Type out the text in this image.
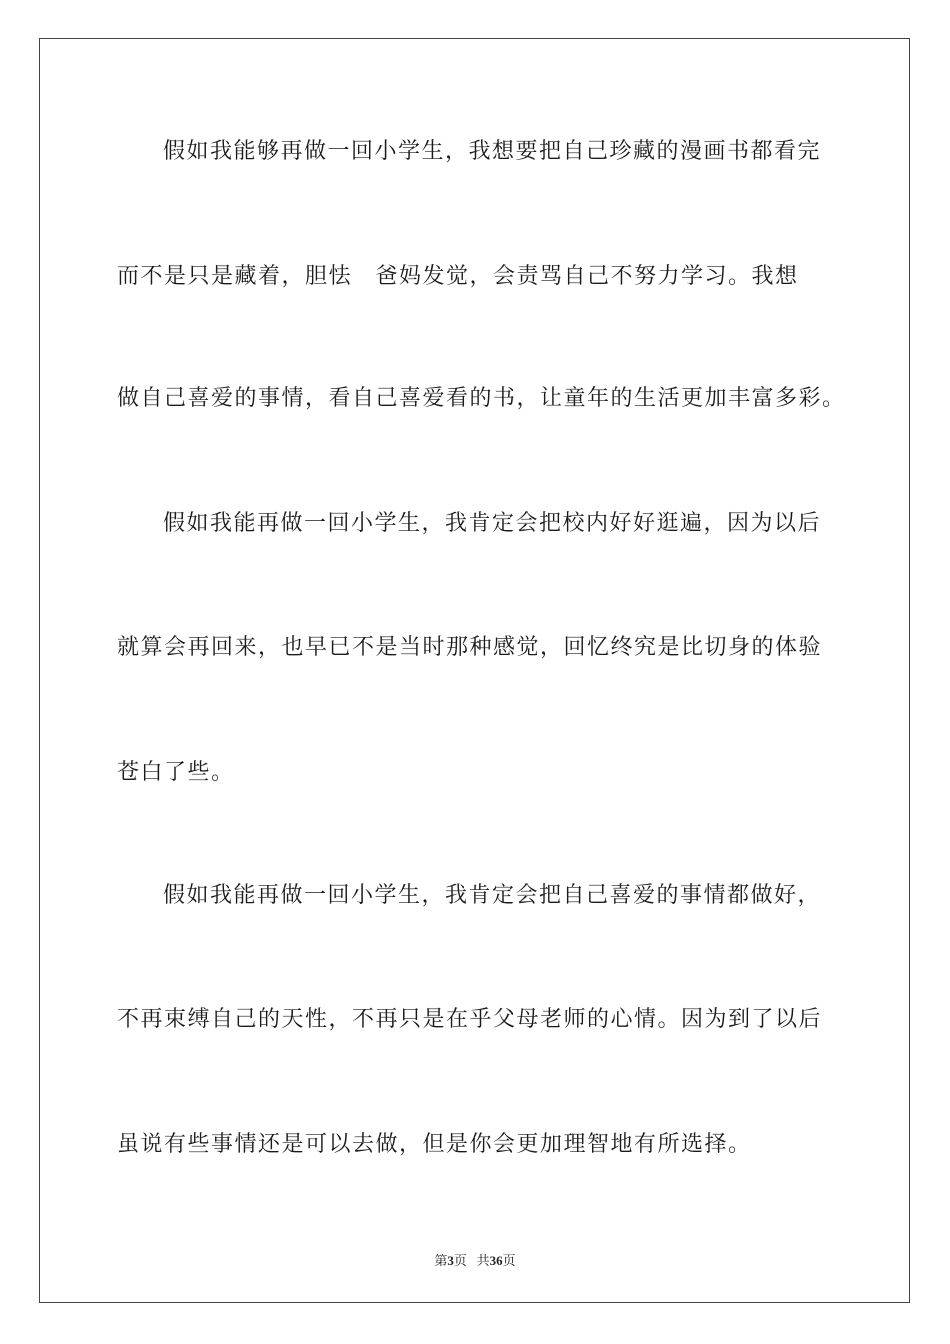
假如我能够再做一回小学生，我想要把自己珍藏的漫画书都看完
而不是只是藏着，胆怯　爸妈发觉，会责骂自己不努力学习。我想
做自己喜爱的事情，看自己喜爱看的书，让童年的生活更加丰富多彩。
假如我能再做一回小学生，我肯定会把校内好好逛遍，因为以后
就算会再回来，也早已不是当时那种感觉，回忆终究是比切身的体验
苍白了些。
假如我能再做一回小学生，我肯定会把自己喜爱的事情都做好，
不再束缚自己的天性，不再只是在乎父母老师的心情。因为到了以后
虽说有些事情还是可以去做，但是你会更加理智地有所选择。
第3页 共36页
